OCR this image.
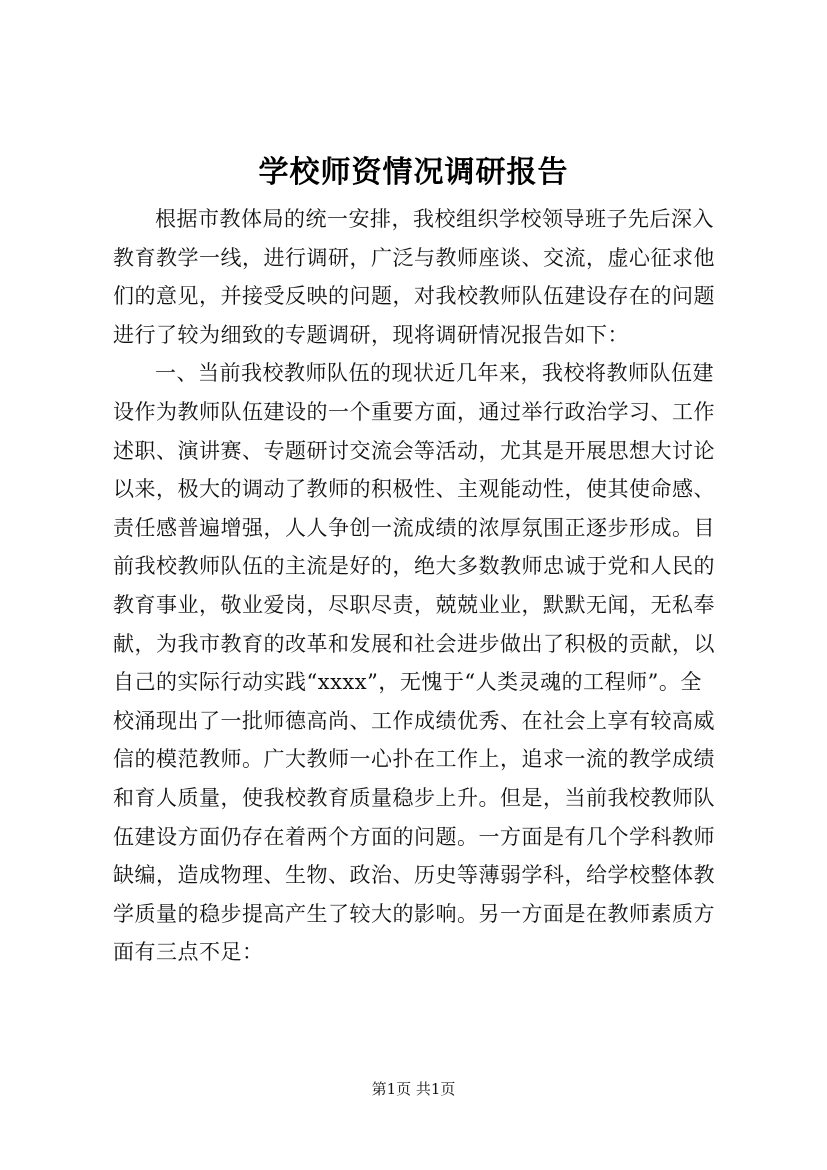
学校师资情况调研报告
根据市教体局的统一安排，我校组织学校领导班子先后深入
教育教学一线，进行调研，广泛与教师座谈、交流，虚心征求他
们的意见，并接受反映的问题，对我校教师队伍建设存在的问题
进行了较为细致的专题调研，现将调研情况报告如下：
一、当前我校教师队伍的现状近几年来，我校将教师队伍建
设作为教师队伍建设的一个重要方面，通过举行政治学习、工作
述职、演讲赛、专题研讨交流会等活动，尤其是开展思想大讨论
以来，极大的调动了教师的积极性、主观能动性，使其使命感、
责任感普遍增强，人人争创一流成绩的浓厚氛围正逐步形成。目
前我校教师队伍的主流是好的，绝大多数教师忠诚于党和人民的
教育事业，敬业爱岗，尽职尽责，兢兢业业，默默无闻，无私奉
献，为我市教育的改革和发展和社会进步做出了积极的贡献，以
自己的实际行动实践“xxxx”，无愧于“人类灵魂的工程师”。全
校涌现出了一批师德高尚、工作成绩优秀、在社会上享有较高威
信的模范教师。广大教师一心扑在工作上，追求一流的教学成绩
和育人质量，使我校教育质量稳步上升。但是，当前我校教师队
伍建设方面仍存在着两个方面的问题。一方面是有几个学科教师
缺编，造成物理、生物、政治、历史等薄弱学科，给学校整体教
学质量的稳步提高产生了较大的影响。另一方面是在教师素质方
面有三点不足：
第1页 共1页
